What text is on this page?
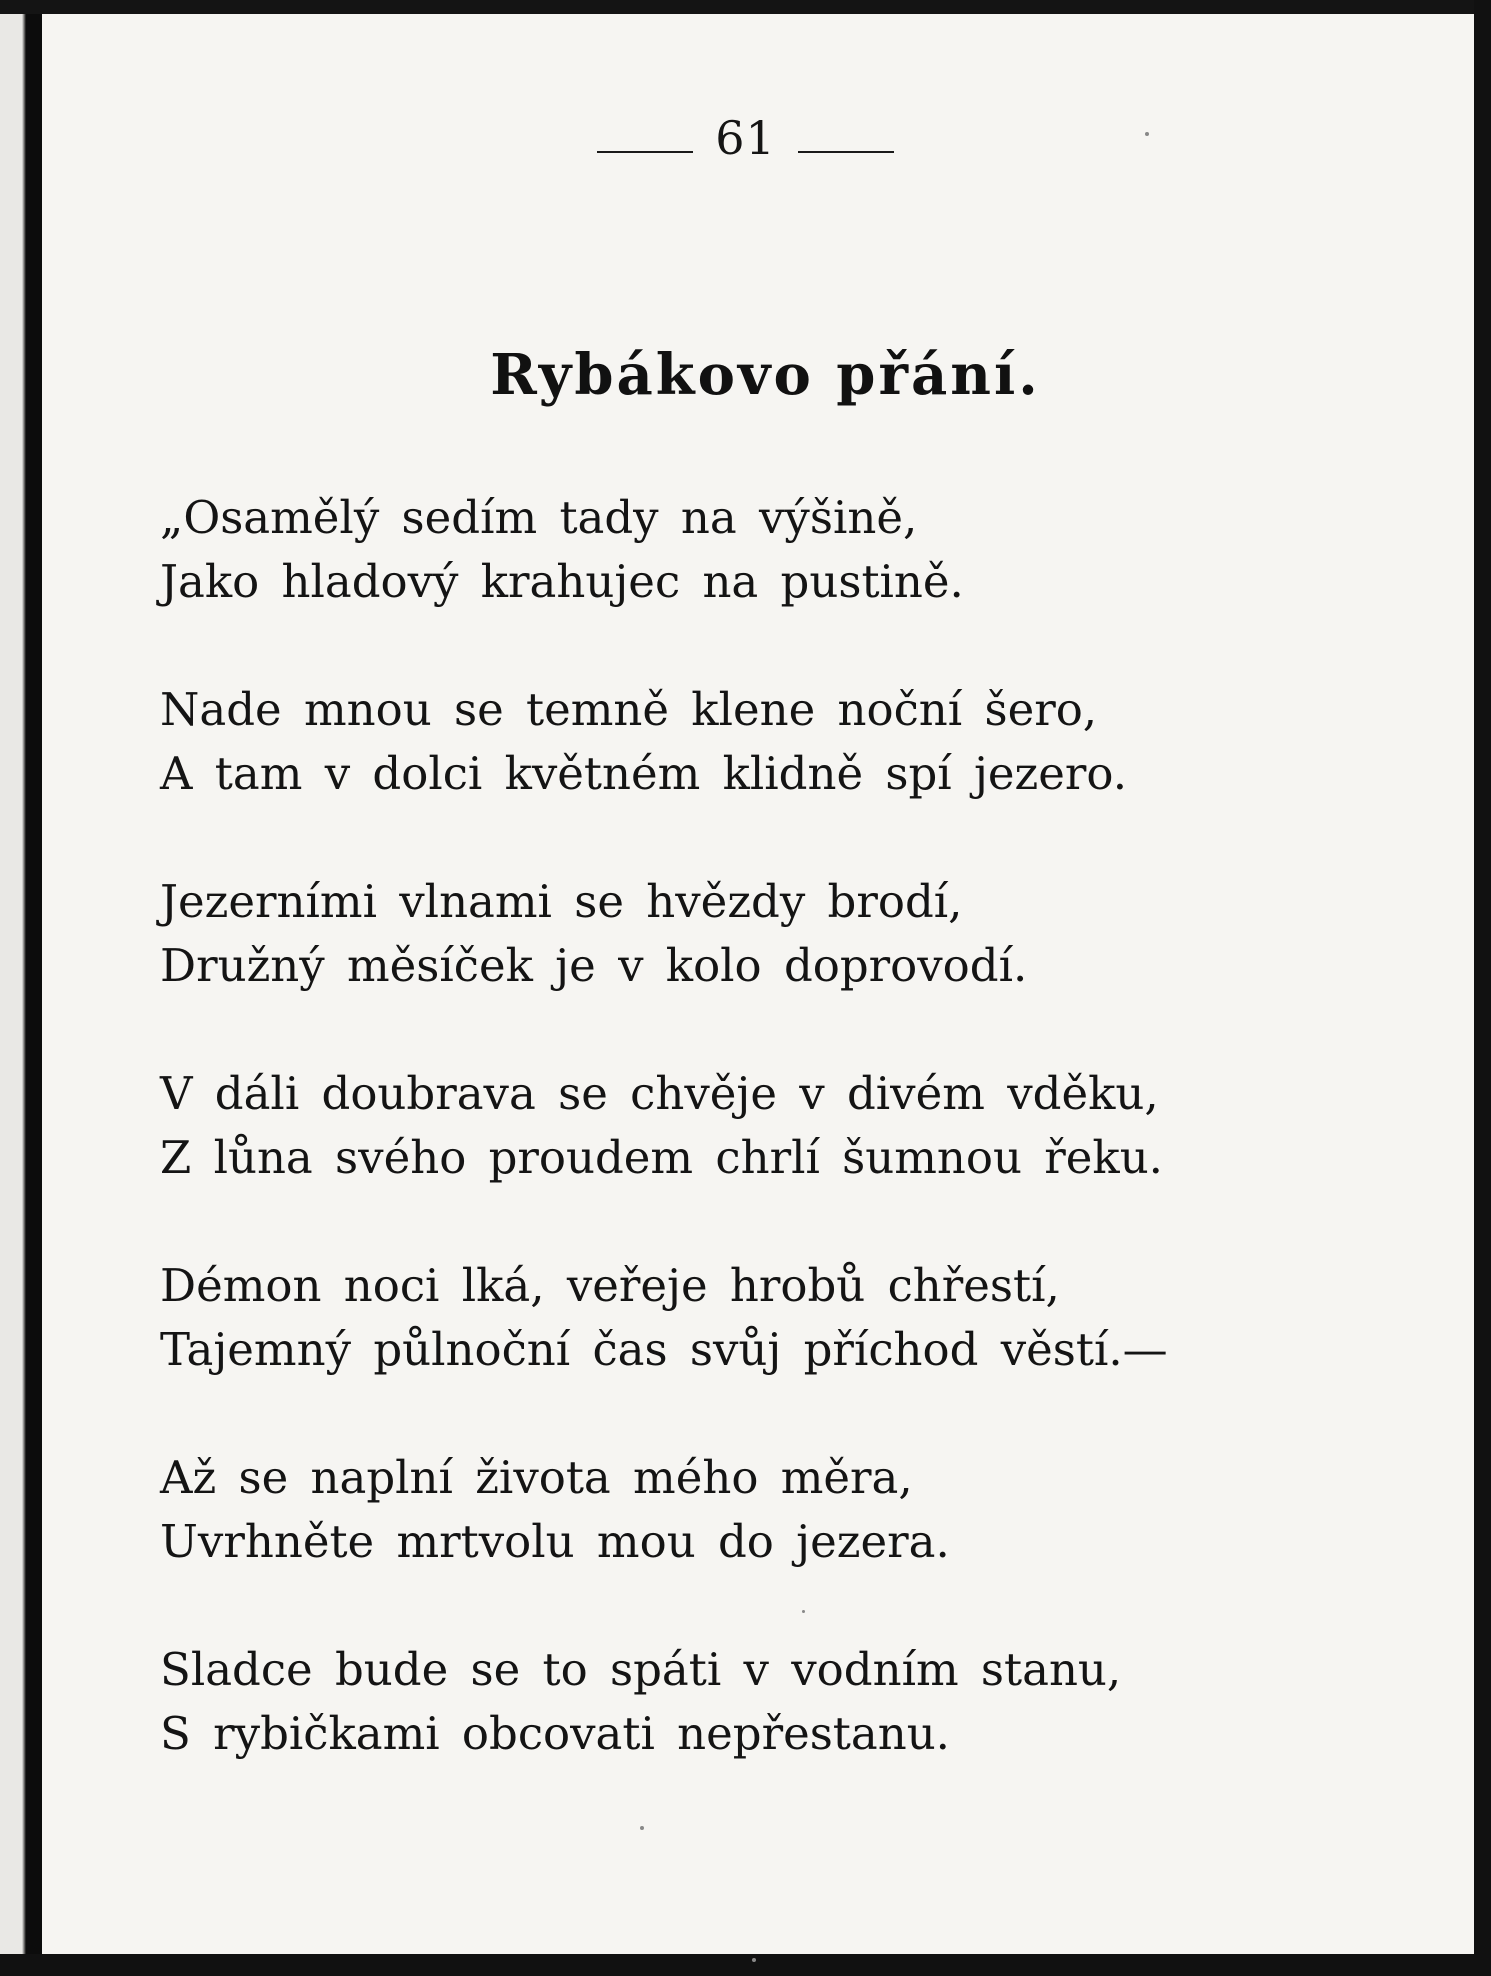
61
Rybákovo přání.
„Osamělý sedím tady na výšině,
Jako hladový krahujec na pustině.
Nade mnou se temně klene noční šero,
A tam v dolci květném klidně spí jezero.
Jezerními vlnami se hvězdy brodí,
Družný měsíček je v kolo doprovodí.
V dáli doubrava se chvěje v divém vděku,
Z lůna svého proudem chrlí šumnou řeku.
Démon noci lká, veřeje hrobů chřestí,
Tajemný půlnoční čas svůj příchod věstí.—
Až se naplní života mého měra,
Uvrhněte mrtvolu mou do jezera.
Sladce bude se to spáti v vodním stanu,
S rybičkami obcovati nepřestanu.
